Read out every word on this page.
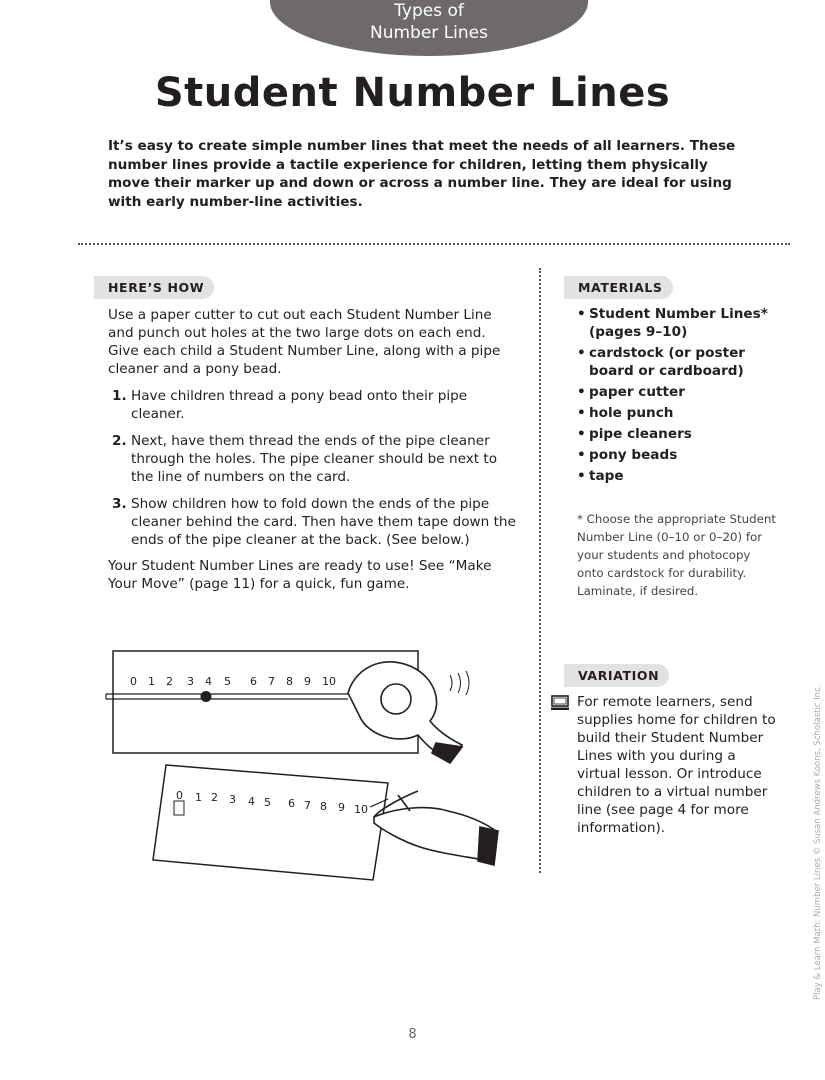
Types of
Number Lines
Student Number Lines
It’s easy to create simple number lines that meet the needs of all learners. These number lines provide a tactile experience for children, letting them physically move their marker up and down or across a number line. They are ideal for using with early number-line activities.
HERE’S HOW
Use a paper cutter to cut out each Student Number Line and punch out holes at the two large dots on each end. Give each child a Student Number Line, along with a pipe cleaner and a pony bead.
1. Have children thread a pony bead onto their pipe cleaner.
2. Next, have them thread the ends of the pipe cleaner through the holes. The pipe cleaner should be next to the line of numbers on the card.
3. Show children how to fold down the ends of the pipe cleaner behind the card. Then have them tape down the ends of the pipe cleaner at the back. (See below.)
Your Student Number Lines are ready to use! See “Make Your Move” (page 11) for a quick, fun game.
MATERIALS
• Student Number Lines* (pages 9–10)
• cardstock (or poster board or cardboard)
• paper cutter
• hole punch
• pipe cleaners
• pony beads
• tape
* Choose the appropriate Student Number Line (0–10 or 0–20) for your students and photocopy onto cardstock for durability. Laminate, if desired.
VARIATION
For remote learners, send supplies home for children to build their Student Number Lines with you during a virtual lesson. Or introduce children to a virtual number line (see page 4 for more information).
0 1 2 3 4 5 6 7 8 9 10
0 1 2 3 4 5 6 7 8 9 10	Play & Learn Math: Number Lines © Susan Andrews Koons, Scholastic Inc.
8
